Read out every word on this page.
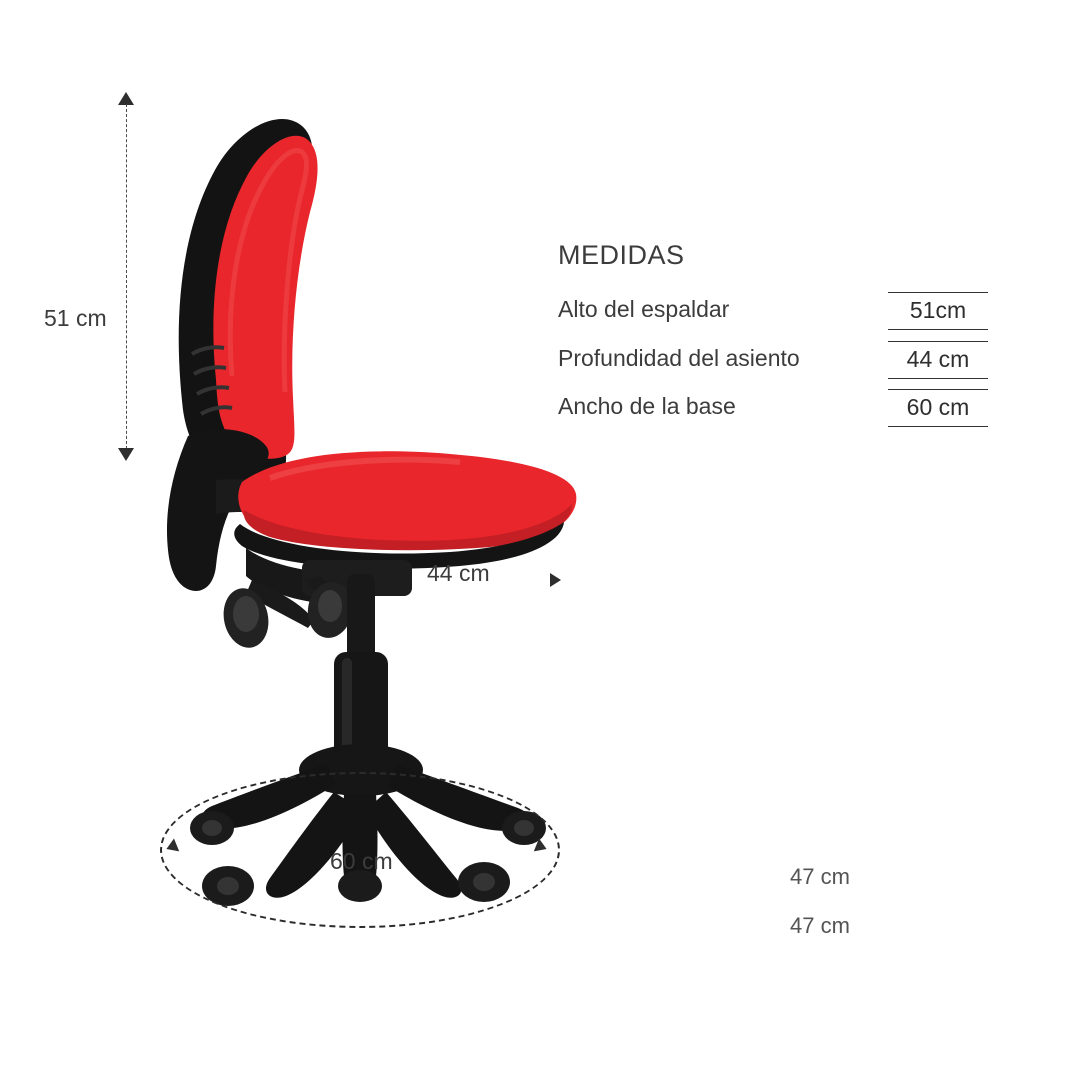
51 cm
44 cm
60 cm
MEDIDAS
Alto del espaldar	51cm
Profundidad del asiento	44 cm
Ancho de la base	60 cm
47 cm
47 cm
